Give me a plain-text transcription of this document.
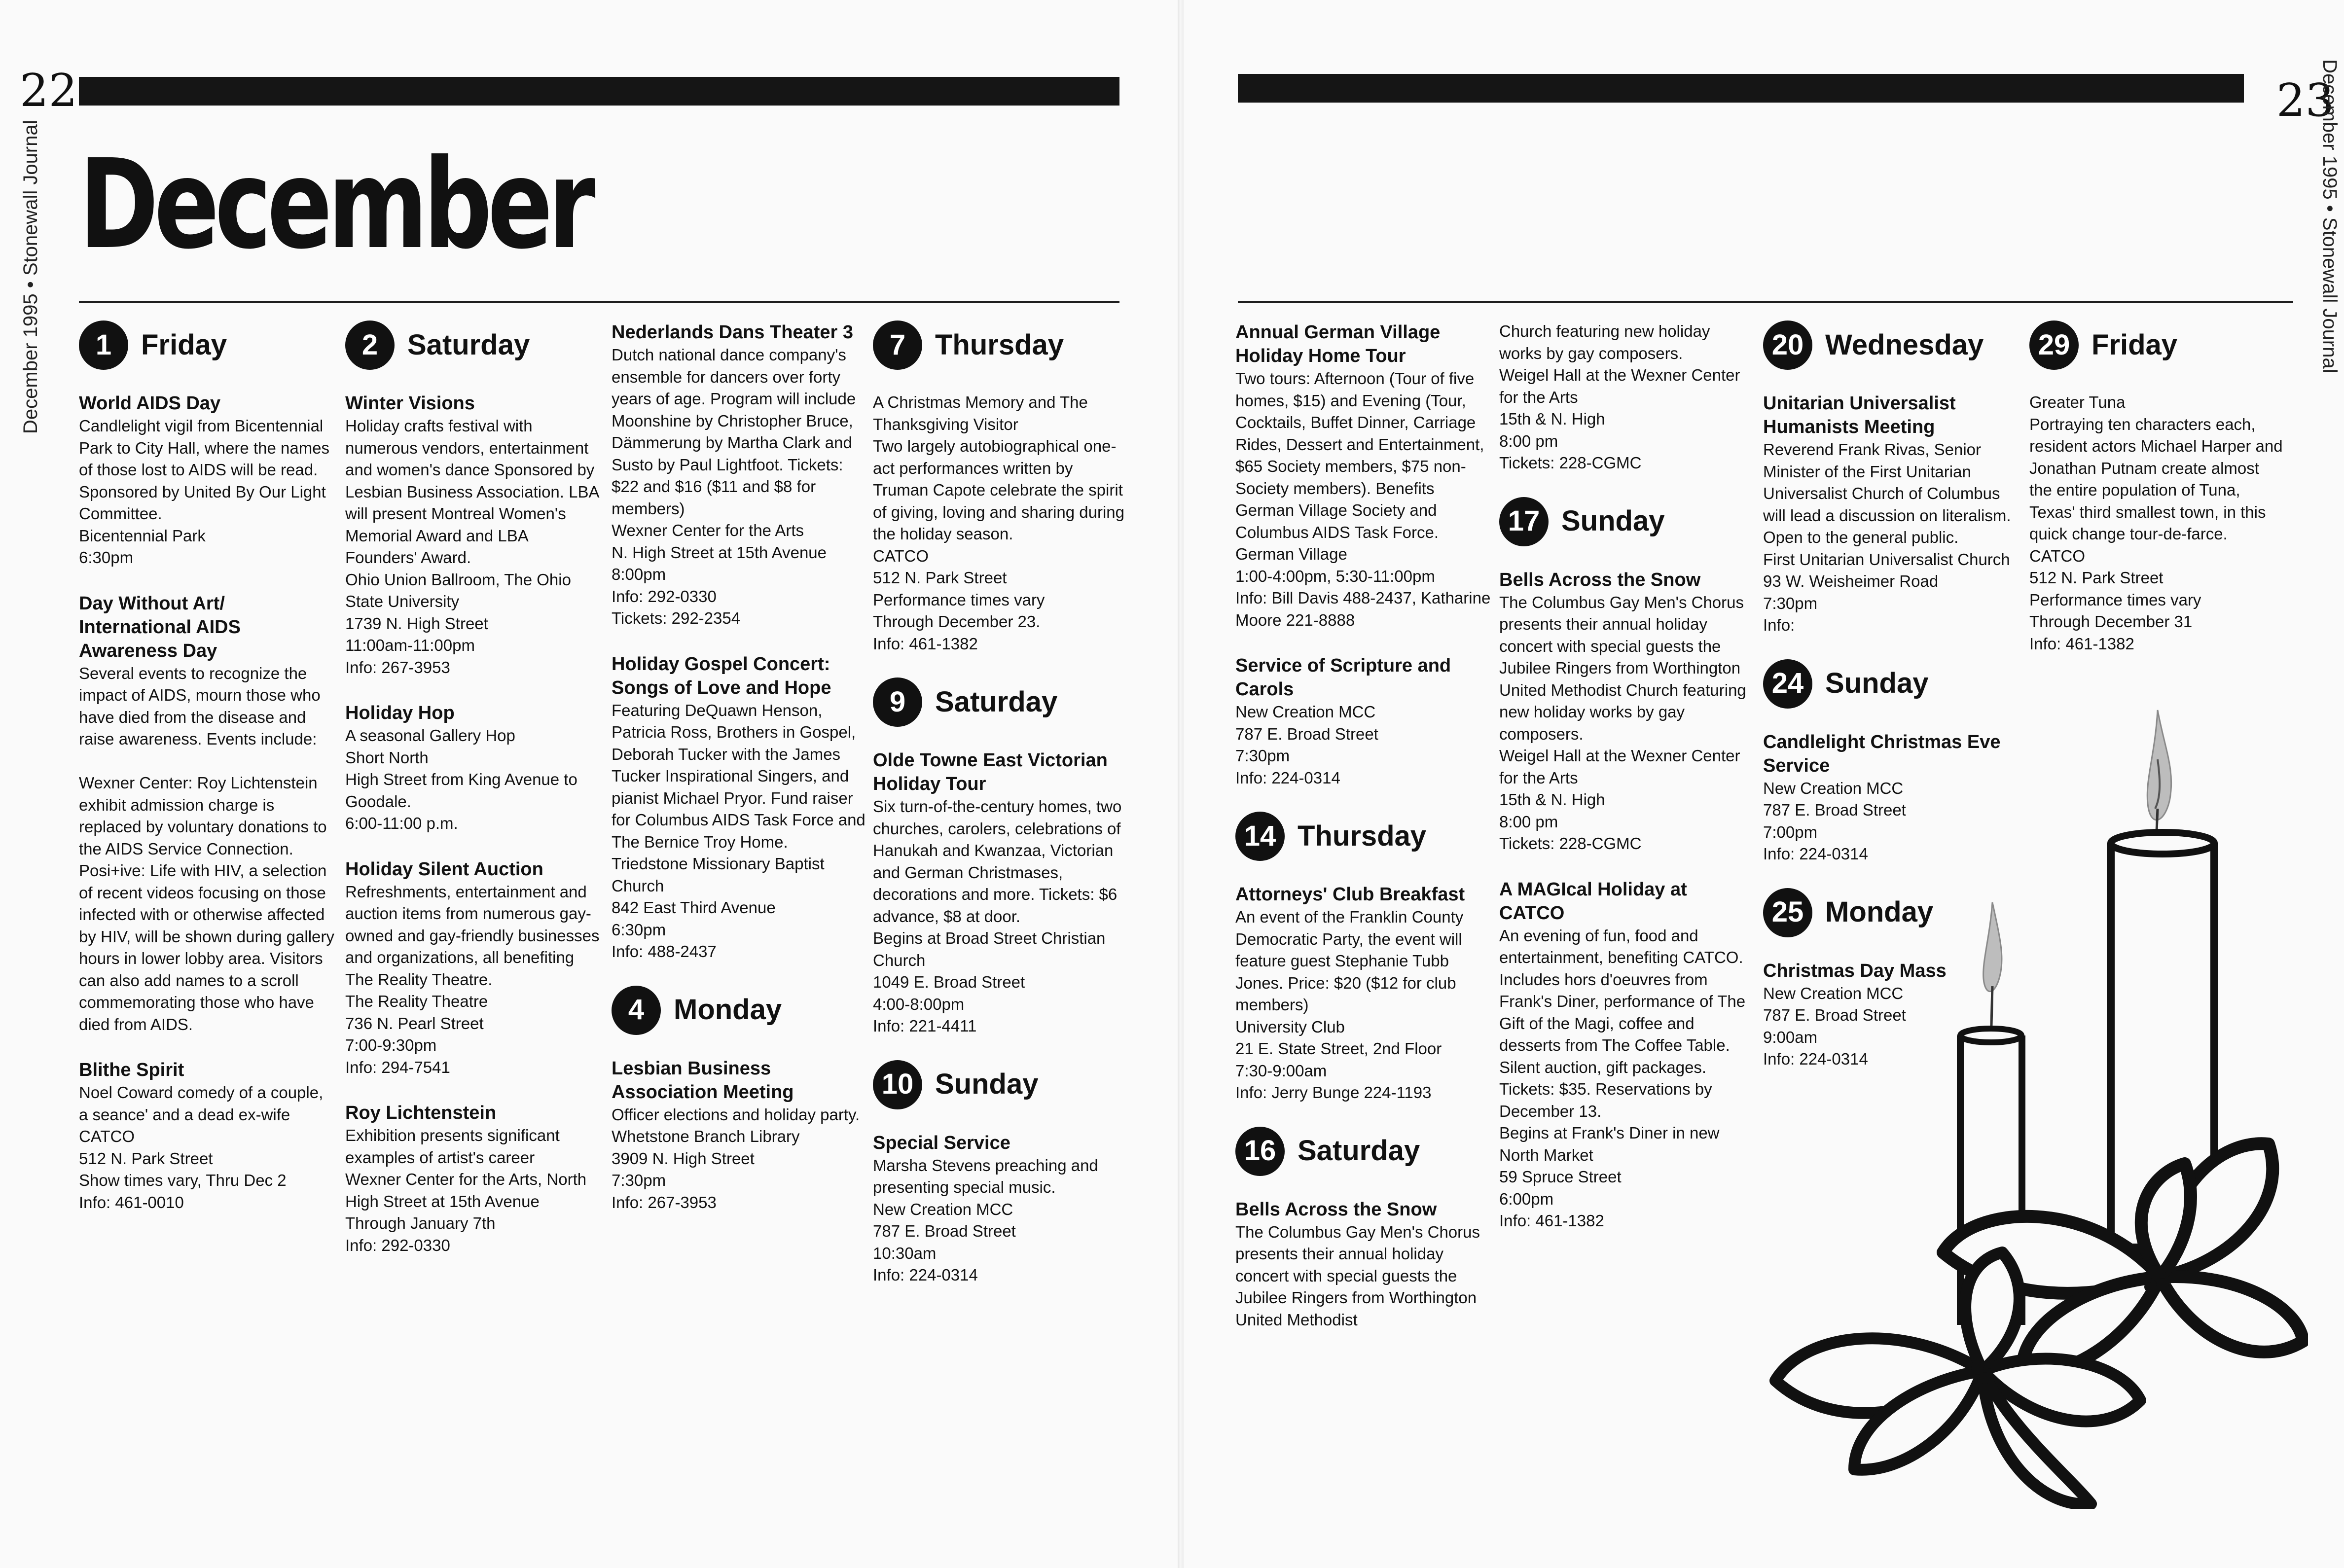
22
December 1995 • Stonewall Journal December
23
December 1995 • Stonewall Journal
1	Friday

World AIDS Day

Candlelight vigil from Bicentennial Park to City Hall, where the names of those lost to AIDS will be read. Sponsored by United By Our Light Committee.

Bicentennial Park
6:30pm

Day Without Art/ International AIDS Awareness Day

Several events to recognize the impact of AIDS, mourn those who have died from the disease and raise awareness. Events include:

Wexner Center: Roy Lichtenstein exhibit admission charge is replaced by voluntary donations to the AIDS Service Connection. Posi+ive: Life with HIV, a selection of recent videos focusing on those infected with or otherwise affected by HIV, will be shown during gallery hours in lower lobby area. Visitors can also add names to a scroll commemorating those who have died from AIDS.

Blithe Spirit

Noel Coward comedy of a couple, a seance' and a dead ex-wife

CATCO
512 N. Park Street
Show times vary, Thru Dec 2
Info: 461-0010

2	Saturday

Winter Visions

Holiday crafts festival with numerous vendors, entertainment and women's dance Sponsored by Lesbian Business Association. LBA will present Montreal Women's Memorial Award and LBA Founders' Award.

Ohio Union Ballroom, The Ohio State University
1739 N. High Street
11:00am-11:00pm
Info: 267-3953

Holiday Hop

A seasonal Gallery Hop

Short North
High Street from King Avenue to Goodale.
6:00-11:00 p.m.

Holiday Silent Auction

Refreshments, entertainment and auction items from numerous gay-owned and gay-friendly businesses and organizations, all benefiting The Reality Theatre.

The Reality Theatre
736 N. Pearl Street
7:00-9:30pm
Info: 294-7541

Roy Lichtenstein

Exhibition presents significant examples of artist's career

Wexner Center for the Arts, North High Street at 15th Avenue
Through January 7th
Info: 292-0330

Nederlands Dans Theater 3

Dutch national dance company's ensemble for dancers over forty years of age. Program will include Moonshine by Christopher Bruce, Dämmerung by Martha Clark and Susto by Paul Lightfoot. Tickets: $22 and $16 ($11 and $8 for members)

Wexner Center for the Arts
N. High Street at 15th Avenue
8:00pm
Info: 292-0330
Tickets: 292-2354

Holiday Gospel Concert: Songs of Love and Hope

Featuring DeQuawn Henson, Patricia Ross, Brothers in Gospel, Deborah Tucker with the James Tucker Inspirational Singers, and pianist Michael Pryor. Fund raiser for Columbus AIDS Task Force and The Bernice Troy Home.

Triedstone Missionary Baptist Church
842 East Third Avenue
6:30pm
Info: 488-2437

4	Monday

Lesbian Business Association Meeting

Officer elections and holiday party.

Whetstone Branch Library
3909 N. High Street
7:30pm
Info: 267-3953

7	Thursday

A Christmas Memory and The Thanksgiving Visitor
Two largely autobiographical one-act performances written by Truman Capote celebrate the spirit of giving, loving and sharing during the holiday season.

CATCO
512 N. Park Street
Performance times vary
Through December 23.
Info: 461-1382

9	Saturday

Olde Towne East Victorian Holiday Tour

Six turn-of-the-century homes, two churches, carolers, celebrations of Hanukah and Kwanzaa, Victorian and German Christmases, decorations and more. Tickets: $6 advance, $8 at door.

Begins at Broad Street Christian Church
1049 E. Broad Street
4:00-8:00pm
Info: 221-4411

10 Sunday

Special Service

Marsha Stevens preaching and presenting special music.

New Creation MCC
787 E. Broad Street
10:30am
Info: 224-0314

Annual German Village Holiday Home Tour

Two tours: Afternoon (Tour of five homes, $15) and Evening (Tour, Cocktails, Buffet Dinner, Carriage Rides, Dessert and Entertainment, $65 Society members, $75 non-Society members). Benefits German Village Society and Columbus AIDS Task Force.

German Village
1:00-4:00pm, 5:30-11:00pm
Info: Bill Davis 488-2437, Katharine Moore 221-8888

Service of Scripture and Carols

New Creation MCC
787 E. Broad Street
7:30pm
Info: 224-0314

14 Thursday

Attorneys' Club Breakfast

An event of the Franklin County Democratic Party, the event will feature guest Stephanie Tubb Jones. Price: $20 ($12 for club members)

University Club
21 E. State Street, 2nd Floor
7:30-9:00am
Info: Jerry Bunge 224-1193

16 Saturday

Bells Across the Snow

The Columbus Gay Men's Chorus presents their annual holiday concert with special guests the Jubilee Ringers from Worthington United Methodist

Church featuring new holiday works by gay composers.

Weigel Hall at the Wexner Center for the Arts
15th & N. High
8:00 pm
Tickets: 228-CGMC

17 Sunday

Bells Across the Snow

The Columbus Gay Men's Chorus presents their annual holiday concert with special guests the Jubilee Ringers from Worthington United Methodist Church featuring new holiday works by gay composers.

Weigel Hall at the Wexner Center for the Arts
15th & N. High
8:00 pm
Tickets: 228-CGMC

A MAGIcal Holiday at CATCO

An evening of fun, food and entertainment, benefiting CATCO. Includes hors d'oeuvres from Frank's Diner, performance of The Gift of the Magi, coffee and desserts from The Coffee Table. Silent auction, gift packages. Tickets: $35. Reservations by December 13.

Begins at Frank's Diner in new North Market
59 Spruce Street
6:00pm
Info: 461-1382

20 Wednesday

Unitarian Universalist Humanists Meeting

Reverend Frank Rivas, Senior Minister of the First Unitarian Universalist Church of Columbus will lead a discussion on literalism. Open to the general public.

First Unitarian Universalist Church
93 W. Weisheimer Road
7:30pm
Info:

24 Sunday

Candlelight Christmas Eve Service

New Creation MCC
787 E. Broad Street
7:00pm
Info: 224-0314

25 Monday

Christmas Day Mass

New Creation MCC
787 E. Broad Street
9:00am
Info: 224-0314

29 Friday

Greater Tuna
Portraying ten characters each, resident actors Michael Harper and Jonathan Putnam create almost the entire population of Tuna, Texas' third smallest town, in this quick change tour-de-farce.

CATCO
512 N. Park Street
Performance times vary
Through December 31
Info: 461-1382
